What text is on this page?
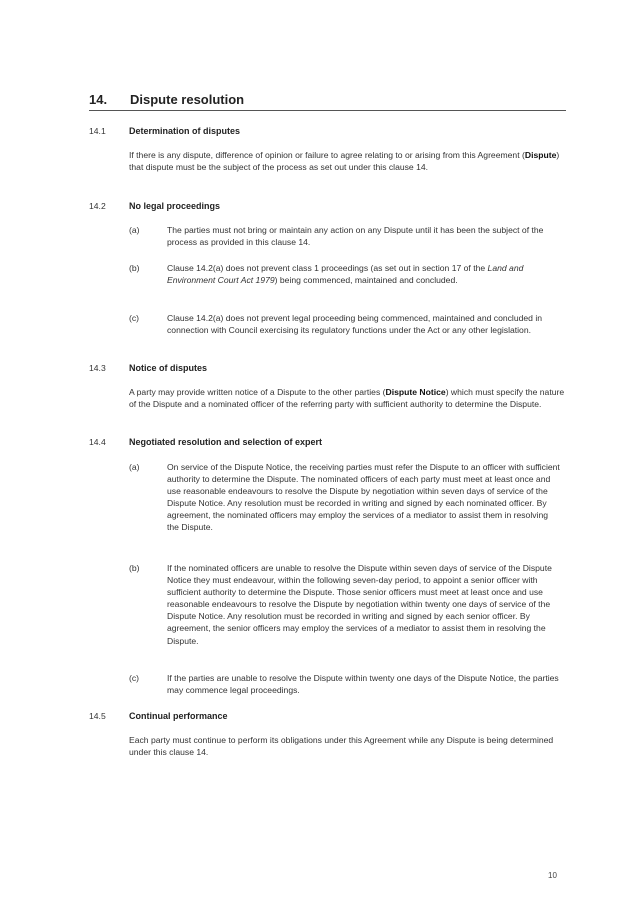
14. Dispute resolution
14.1	Determination of disputes

If there is any dispute, difference of opinion or failure to agree relating to or arising from this Agreement (Dispute) that dispute must be the subject of the process as set out under this clause 14.

14.2	No legal proceedings
(a)	The parties must not bring or maintain any action on any Dispute until it has been the subject of the process as provided in this clause 14.

(b)	Clause 14.2(a) does not prevent class 1 proceedings (as set out in section 17 of the Land and Environment Court Act 1979) being commenced, maintained and concluded.

(c)	Clause 14.2(a) does not prevent legal proceeding being commenced, maintained and concluded in connection with Council exercising its regulatory functions under the Act or any other legislation.

14.3	Notice of disputes

A party may provide written notice of a Dispute to the other parties (Dispute Notice) which must specify the nature of the Dispute and a nominated officer of the referring party with sufficient authority to determine the Dispute.

14.4	Negotiated resolution and selection of expert
(a)	On service of the Dispute Notice, the receiving parties must refer the Dispute to an officer with sufficient authority to determine the Dispute. The nominated officers of each party must meet at least once and use reasonable endeavours to resolve the Dispute by negotiation within seven days of service of the Dispute Notice. Any resolution must be recorded in writing and signed by each nominated officer. By agreement, the nominated officers may employ the services of a mediator to assist them in resolving the Dispute.

(b)	If the nominated officers are unable to resolve the Dispute within seven days of service of the Dispute Notice they must endeavour, within the following seven-day period, to appoint a senior officer with sufficient authority to determine the Dispute. Those senior officers must meet at least once and use reasonable endeavours to resolve the Dispute by negotiation within twenty one days of service of the Dispute Notice. Any resolution must be recorded in writing and signed by each senior officer. By agreement, the senior officers may employ the services of a mediator to assist them in resolving the Dispute.

(c)	If the parties are unable to resolve the Dispute within twenty one days of the Dispute Notice, the parties may commence legal proceedings.

14.5	Continual performance

Each party must continue to perform its obligations under this Agreement while any Dispute is being determined under this clause 14.

10
